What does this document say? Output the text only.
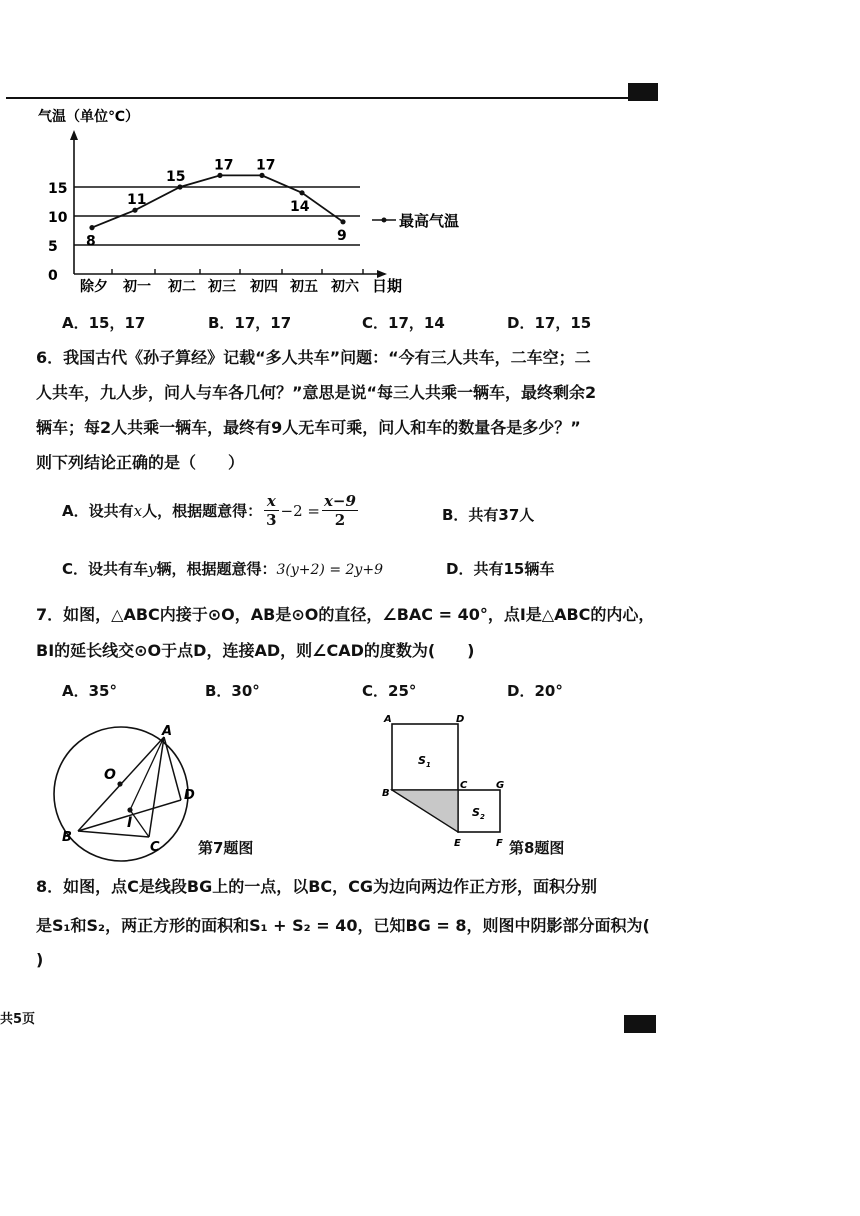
0
5
10
15
除夕 初一 初二 初三 初四 初五 初六
8
11
15
17 17
14
9
气温（单位℃）
日期
最高气温
A．15，17	B．17，17	C．17，14	D．17，15
6．我国古代《孙子算经》记载“多人共车”问题：“今有三人共车，二车空；二
人共车，九人步，问人与车各几何？”意思是说“每三人共乘一辆车，最终剩余2
辆车；每2人共乘一辆车，最终有9人无车可乘，问人和车的数量各是多少？”
则下列结论正确的是（　　）
A．设共有 x 人，根据题意得： $\frac{x}{3} -2 = \frac{x-9}{2}$	B．共有37人
C．设共有车y辆，根据题意得：3(y+2) = 2y+9	D．共有15辆车
7．如图，△ABC内接于⊙O，AB是⊙O的直径，∠BAC = 40°，点I是△ABC的内心，
BI的延长线交⊙O于点D，连接AD，则∠CAD的度数为(　　)
A．35°	B．30°	C．25°	D．20°
A
B
C
D
O
I
第7题图
A	D
B
C	G
E	F
$S_1$
$S_2$
第8题图
8．如图，点C是线段BG上的一点，以BC，CG为边向两边作正方形，面积分别
是S₁和S₂，两正方形的面积和S₁ + S₂ = 40，已知BG = 8，则图中阴影部分面积为(
)
共5页
